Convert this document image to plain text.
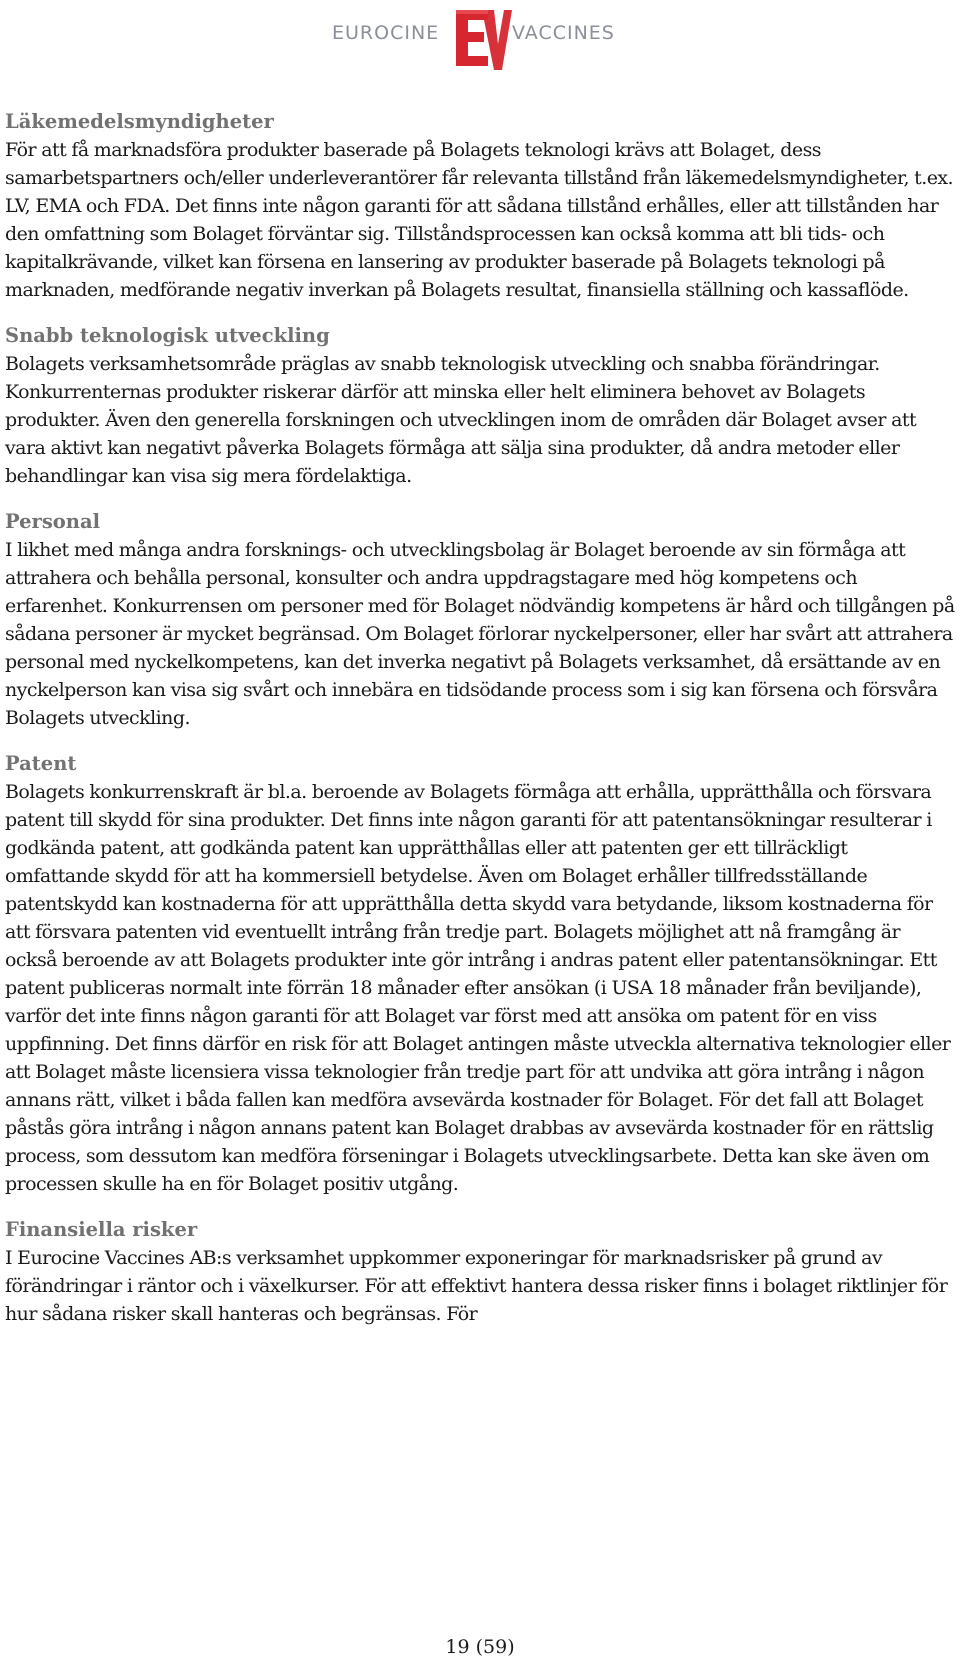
EUROCINE	VACCINES
Läkemedelsmyndigheter
För att få marknadsföra produkter baserade på Bolagets teknologi krävs att Bolaget, dess samarbetspartners och/eller underleverantörer får relevanta tillstånd från läkemedelsmyndigheter, t.ex. LV, EMA och FDA. Det finns inte någon garanti för att sådana tillstånd erhålles, eller att tillstånden har den omfattning som Bolaget förväntar sig. Tillståndsprocessen kan också komma att bli tids- och kapitalkrävande, vilket kan försena en lansering av produkter baserade på Bolagets teknologi på marknaden, medförande negativ inverkan på Bolagets resultat, finansiella ställning och kassaflöde.
Snabb teknologisk utveckling
Bolagets verksamhetsområde präglas av snabb teknologisk utveckling och snabba förändringar. Konkurrenternas produkter riskerar därför att minska eller helt eliminera behovet av Bolagets produkter. Även den generella forskningen och utvecklingen inom de områden där Bolaget avser att vara aktivt kan negativt påverka Bolagets förmåga att sälja sina produkter, då andra metoder eller behandlingar kan visa sig mera fördelaktiga.
Personal
I likhet med många andra forsknings- och utvecklingsbolag är Bolaget beroende av sin förmåga att attrahera och behålla personal, konsulter och andra uppdragstagare med hög kompetens och erfarenhet. Konkurrensen om personer med för Bolaget nödvändig kompetens är hård och tillgången på sådana personer är mycket begränsad. Om Bolaget förlorar nyckelpersoner, eller har svårt att attrahera personal med nyckelkompetens, kan det inverka negativt på Bolagets verksamhet, då ersättande av en nyckelperson kan visa sig svårt och innebära en tidsödande process som i sig kan försena och försvåra Bolagets utveckling.
Patent
Bolagets konkurrenskraft är bl.a. beroende av Bolagets förmåga att erhålla, upprätthålla och försvara patent till skydd för sina produkter. Det finns inte någon garanti för att patentansökningar resulterar i godkända patent, att godkända patent kan upprätthållas eller att patenten ger ett tillräckligt omfattande skydd för att ha kommersiell betydelse. Även om Bolaget erhåller tillfredsställande patentskydd kan kostnaderna för att upprätthålla detta skydd vara betydande, liksom kostnaderna för att försvara patenten vid eventuellt intrång från tredje part. Bolagets möjlighet att nå framgång är också beroende av att Bolagets produkter inte gör intrång i andras patent eller patentansökningar. Ett patent publiceras normalt inte förrän 18 månader efter ansökan (i USA 18 månader från beviljande), varför det inte finns någon garanti för att Bolaget var först med att ansöka om patent för en viss uppfinning. Det finns därför en risk för att Bolaget antingen måste utveckla alternativa teknologier eller att Bolaget måste licensiera vissa teknologier från tredje part för att undvika att göra intrång i någon annans rätt, vilket i båda fallen kan medföra avsevärda kostnader för Bolaget. För det fall att Bolaget påstås göra intrång i någon annans patent kan Bolaget drabbas av avsevärda kostnader för en rättslig process, som dessutom kan medföra förseningar i Bolagets utvecklingsarbete. Detta kan ske även om processen skulle ha en för Bolaget positiv utgång.
Finansiella risker
I Eurocine Vaccines AB:s verksamhet uppkommer exponeringar för marknadsrisker på grund av förändringar i räntor och i växelkurser. För att effektivt hantera dessa risker finns i bolaget riktlinjer för hur sådana risker skall hanteras och begränsas. För
19 (59)
